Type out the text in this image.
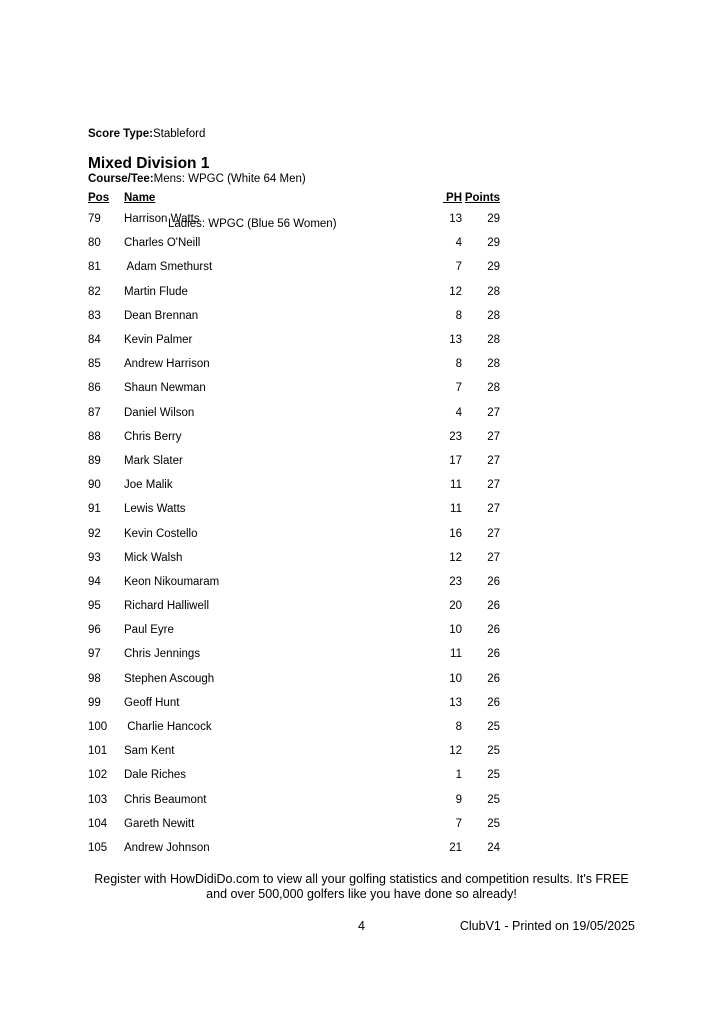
Score Type: Stableford

Course/Tee: Mens: WPGC (White 64 Men)

Ladies: WPGC (Blue 56 Women)

Mixed Division 1
Pos	Name	PH Points
79	Harrison Watts	13	29
80	Charles O'Neill	4	29
81	Adam Smethurst	7	29
82	Martin Flude	12	28
83	Dean Brennan	8	28
84	Kevin Palmer	13	28
85	Andrew Harrison	8	28
86	Shaun Newman	7	28
87	Daniel Wilson	4	27
88	Chris Berry	23	27
89	Mark Slater	17	27
90	Joe Malik	11	27
91	Lewis Watts	11	27
92	Kevin Costello	16	27
93	Mick Walsh	12	27
94	Keon Nikoumaram	23	26
95	Richard Halliwell	20	26
96	Paul Eyre	10	26
97	Chris Jennings	11	26
98	Stephen Ascough	10	26
99	Geoff Hunt	13	26
100	Charlie Hancock	8	25
101	Sam Kent	12	25
102	Dale Riches	1	25
103	Chris Beaumont	9	25
104	Gareth Newitt	7	25
105	Andrew Johnson	21	24
Register with HowDidiDo.com to view all your golfing statistics and competition results. It's FREE
and over 500,000 golfers like you have done so already!
4	ClubV1 - Printed on 19/05/2025
